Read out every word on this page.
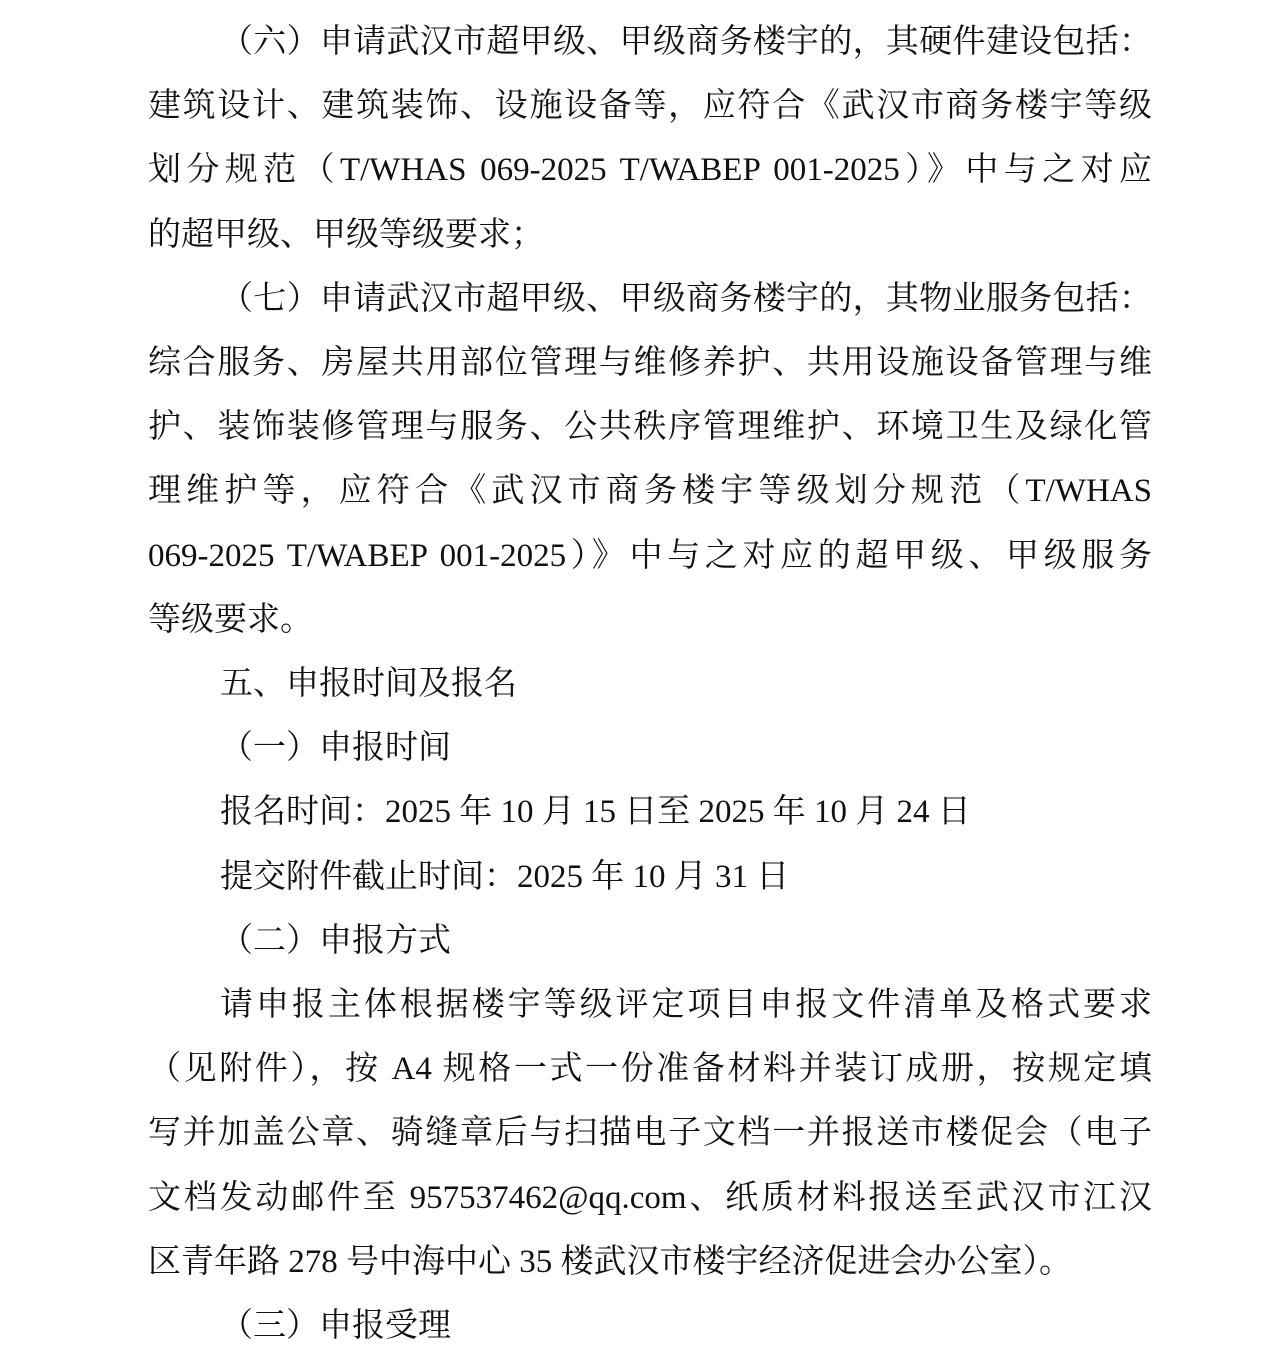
（六）申请武汉市超甲级、甲级商务楼宇的，其硬件建设包括：
建筑设计、建筑装饰、设施设备等，应符合《武汉市商务楼宇等级
划分规范（T/WHAS 069-2025 T/WABEP 001-2025）》中与之对应
的超甲级、甲级等级要求；
（七）申请武汉市超甲级、甲级商务楼宇的，其物业服务包括：
综合服务、房屋共用部位管理与维修养护、共用设施设备管理与维
护、装饰装修管理与服务、公共秩序管理维护、环境卫生及绿化管
理维护等，应符合《武汉市商务楼宇等级划分规范（T/WHAS
069-2025 T/WABEP 001-2025）》中与之对应的超甲级、甲级服务
等级要求。
五、申报时间及报名
（一）申报时间
报名时间：2025 年 10 月 15 日至 2025 年 10 月 24 日
提交附件截止时间：2025 年 10 月 31 日
（二）申报方式
请申报主体根据楼宇等级评定项目申报文件清单及格式要求
（见附件），按 A4 规格一式一份准备材料并装订成册，按规定填
写并加盖公章、骑缝章后与扫描电子文档一并报送市楼促会（电子
文档发动邮件至 957537462@qq.com、纸质材料报送至武汉市江汉
区青年路 278 号中海中心 35 楼武汉市楼宇经济促进会办公室）。
（三）申报受理
